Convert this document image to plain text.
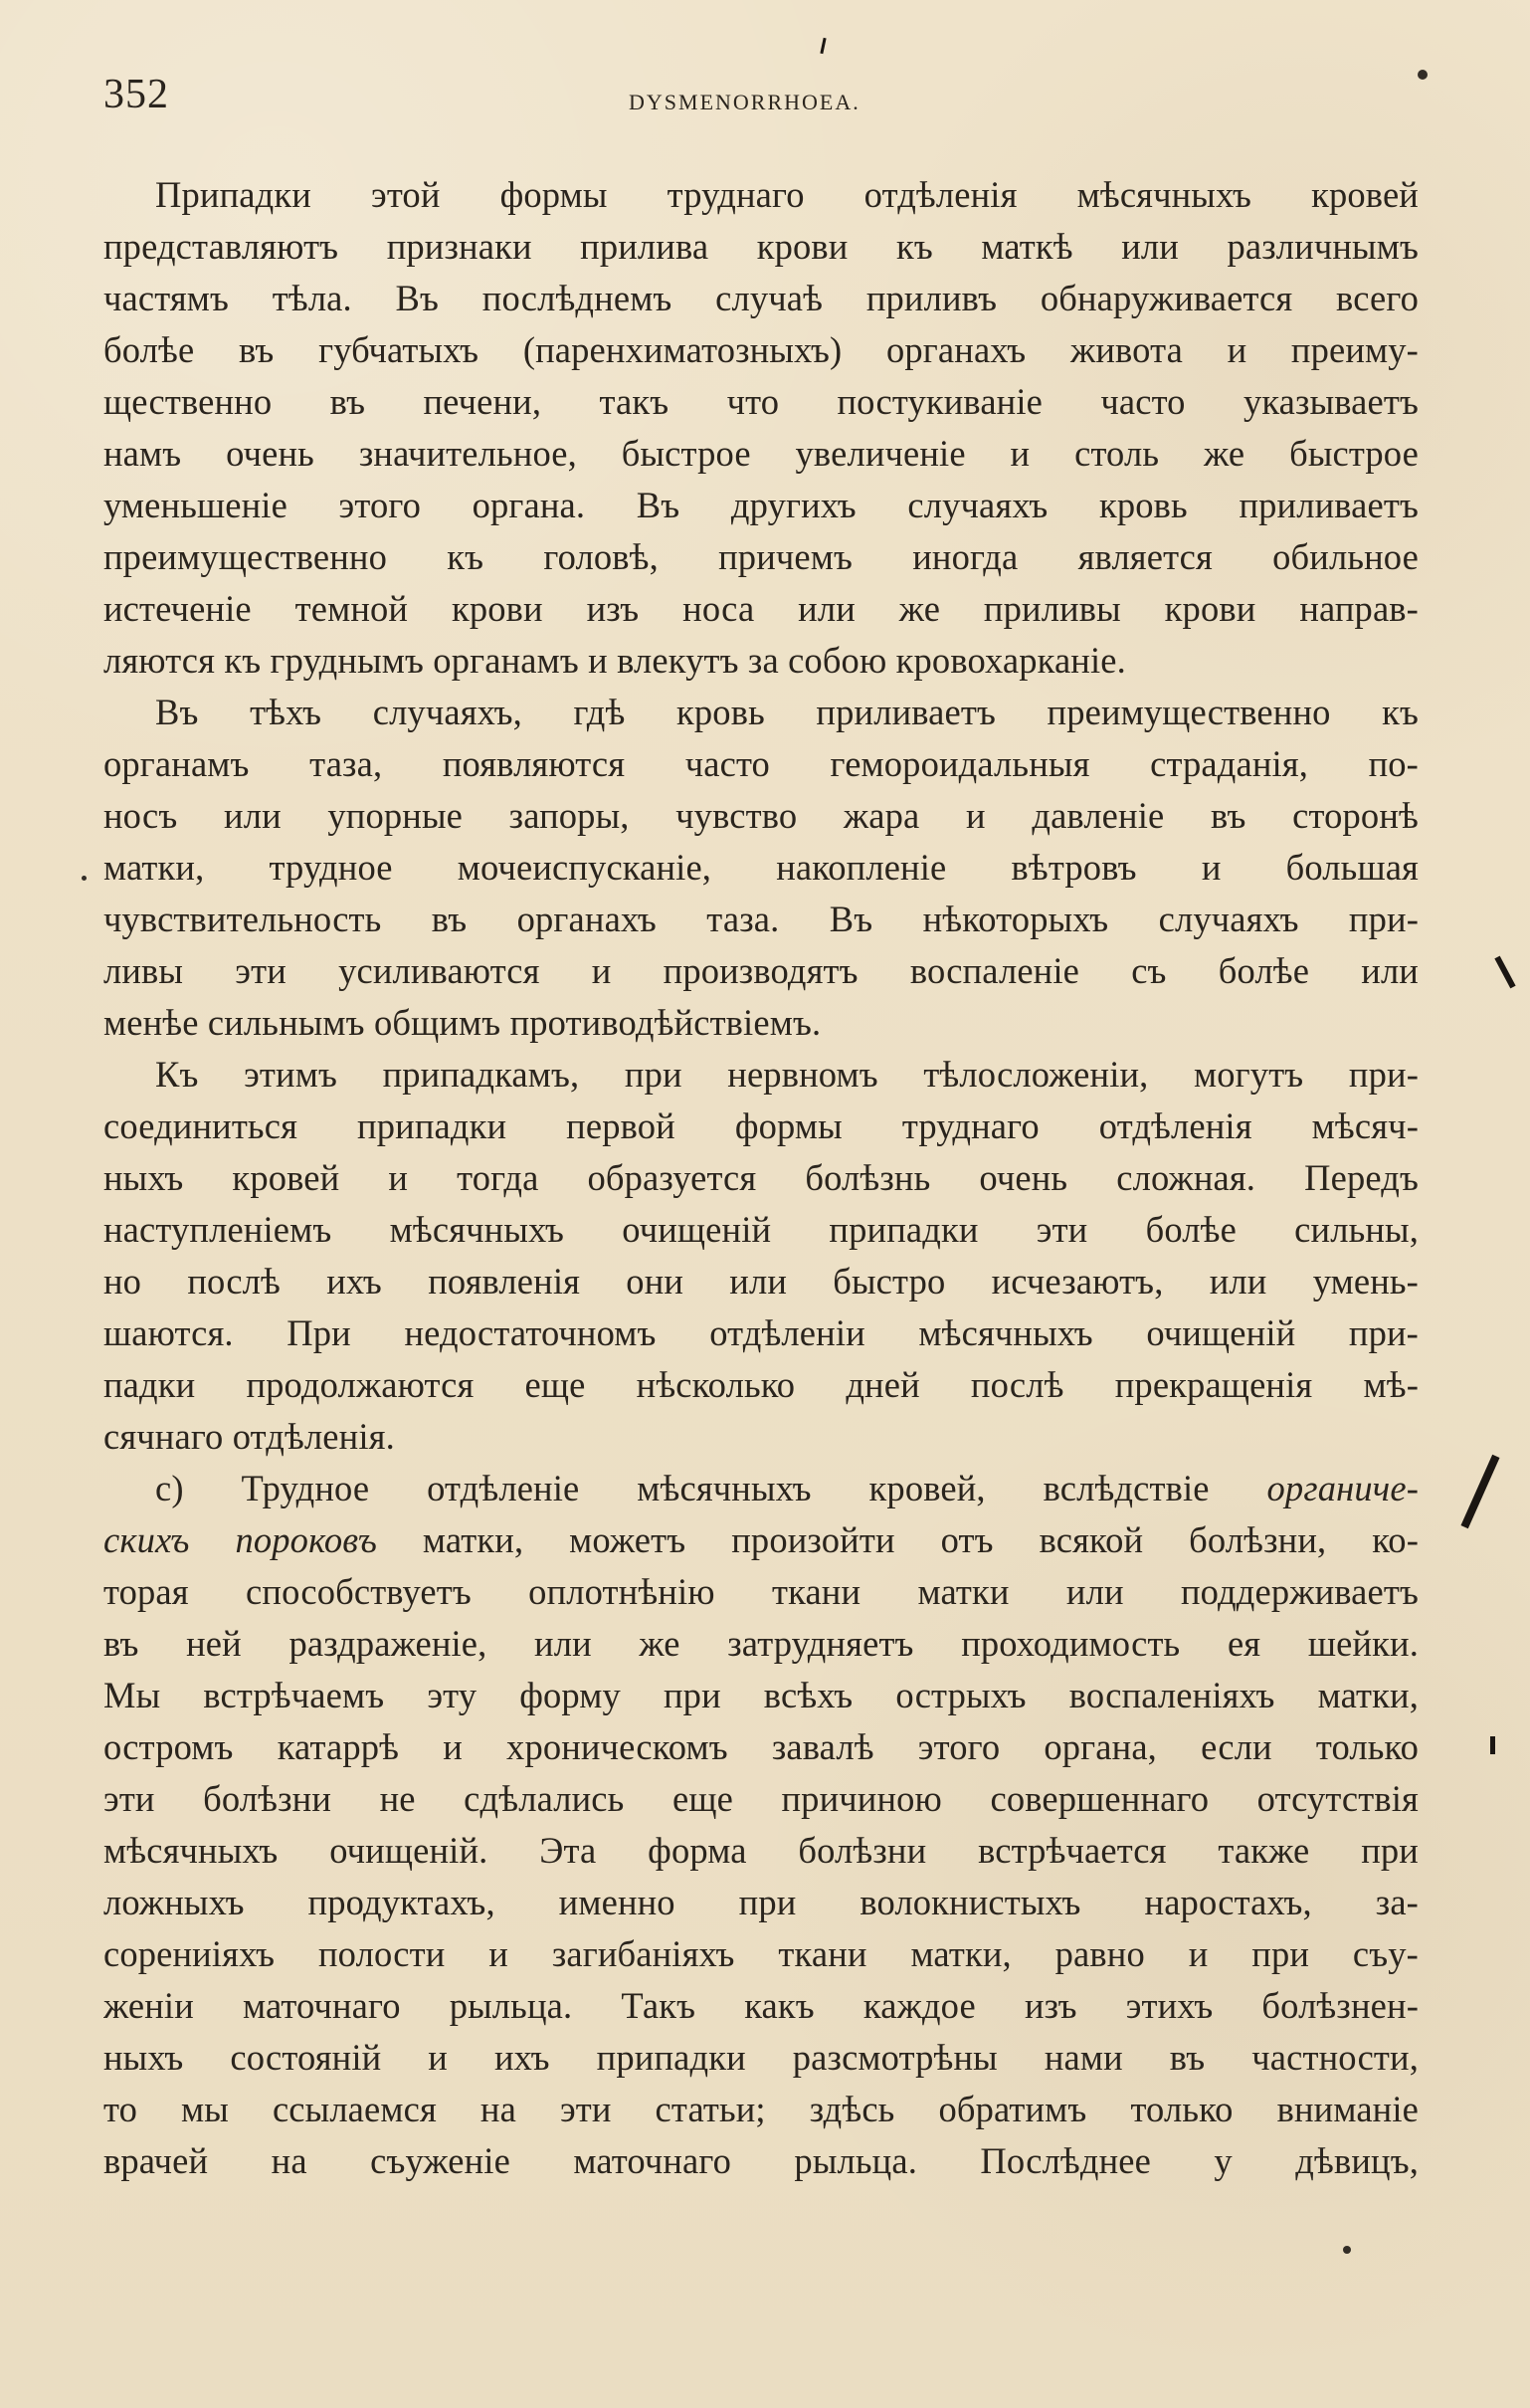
352	DYSMENORRHOEA.
Припадки этой формы труднаго отдѣленія мѣсячныхъ кровей
представляютъ признаки прилива крови къ маткѣ или различнымъ
частямъ тѣла. Въ послѣднемъ случаѣ приливъ обнаруживается всего
болѣе въ губчатыхъ (паренхиматозныхъ) органахъ живота и преиму-
щественно въ печени, такъ что постукиванiе часто указываетъ
намъ очень значительное, быстрое увеличенiе и столь же быстрое
уменьшенiе этого органа. Въ другихъ случаяхъ кровь приливаетъ
преимущественно къ головѣ, причемъ иногда является обильное
истеченiе темной крови изъ носа или же приливы крови направ-
ляются къ груднымъ органамъ и влекутъ за собою кровохарканiе.
Въ тѣхъ случаяхъ, гдѣ кровь приливаетъ преимущественно къ
органамъ таза, появляются часто гемороидальныя страданія, по-
носъ или упорные запоры, чувство жара и давленiе въ сторонѣ
матки, трудное мочеиспусканiе, накопленiе вѣтровъ и большая
чувствительность въ органахъ таза. Въ нѣкоторыхъ случаяхъ при-
ливы эти усиливаются и производятъ воспаленiе съ болѣе или
менѣе сильнымъ общимъ противодѣйствiемъ.
Къ этимъ припадкамъ, при нервномъ тѣлосложенiи, могутъ при-
соединиться припадки первой формы труднаго отдѣленія мѣсяч-
ныхъ кровей и тогда образуется болѣзнь очень сложная. Передъ
наступленiемъ мѣсячныхъ очищенiй припадки эти болѣе сильны,
но послѣ ихъ появленія они или быстро исчезаютъ, или умень-
шаются. При недостаточномъ отдѣленiи мѣсячныхъ очищенiй при-
падки продолжаются еще нѣсколько дней послѣ прекращенія мѣ-
сячнаго отдѣленія.
c) Трудное отдѣленiе мѣсячныхъ кровей, вслѣдствiе органиче-
скихъ пороковъ матки, можетъ произойти отъ всякой болѣзни, ко-
торая способствуетъ оплотнѣнію ткани матки или поддерживаетъ
въ ней раздраженiе, или же затрудняетъ проходимость ея шейки.
Мы встрѣчаемъ эту форму при всѣхъ острыхъ воспаленiяхъ матки,
остромъ катаррѣ и хроническомъ завалѣ этого органа, если только
эти болѣзни не сдѣлались еще причиною совершеннаго отсутствія
мѣсячныхъ очищенiй. Эта форма болѣзни встрѣчается также при
ложныхъ продуктахъ, именно при волокнистыхъ наростахъ, за-
сорениiяхъ полости и загибанiяхъ ткани матки, равно и при съу-
женiи маточнаго рыльца. Такъ какъ каждое изъ этихъ болѣзнен-
ныхъ состоянiй и ихъ припадки разсмотрѣны нами въ частности,
то мы ссылаемся на эти статьи; здѣсь обратимъ только вниманiе
врачей на съуженiе маточнаго рыльца. Послѣднее у дѣвицъ,
